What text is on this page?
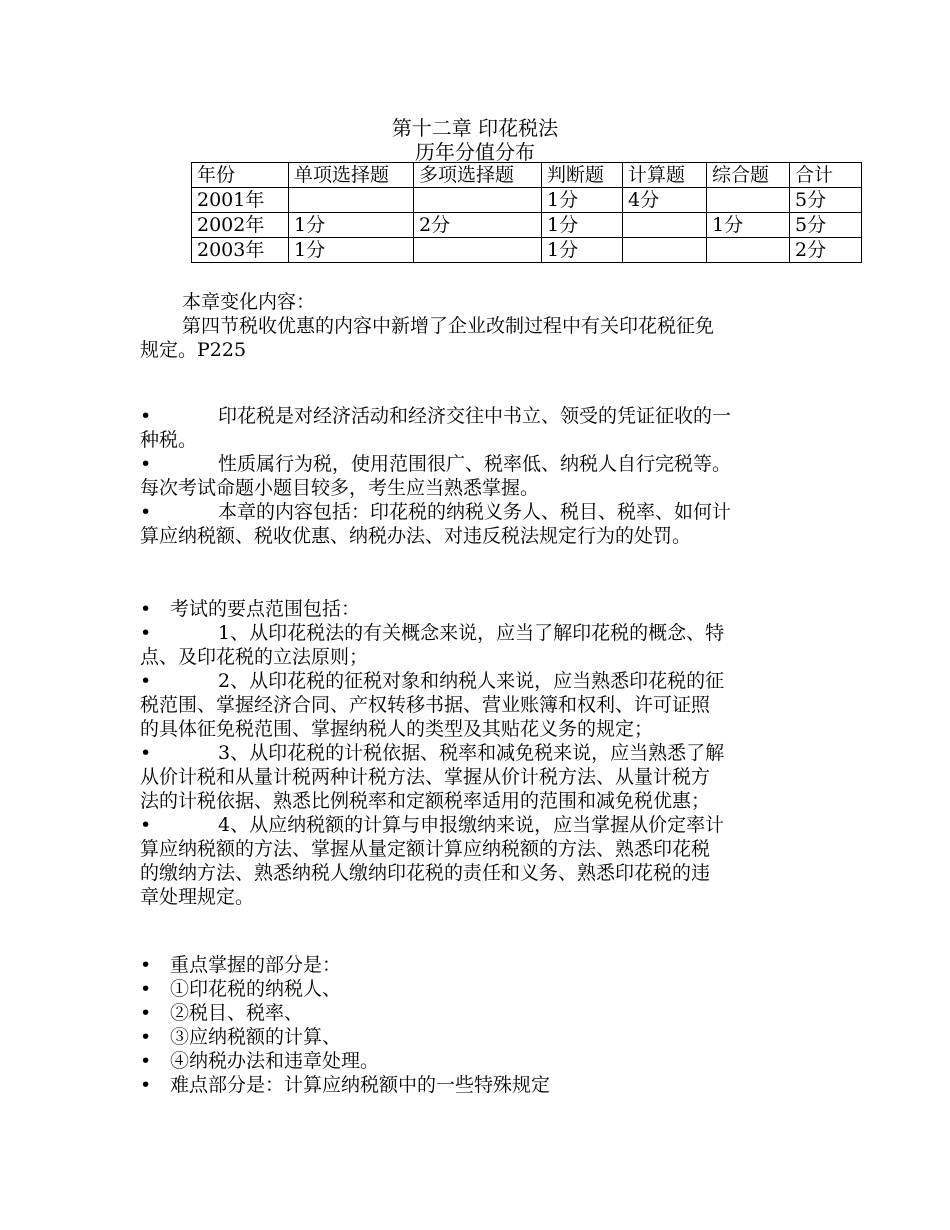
第十二章 印花税法
历年分值分布
年份	单项选择题	多项选择题	判断题	计算题	综合题	合计
2001年			1分	4分		5分
2002年	1分	2分	1分		1分	5分
2003年	1分		1分			2分

本章变化内容：

第四节税收优惠的内容中新增了企业改制过程中有关印花税征免

规定。P225

•	印花税是对经济活动和经济交往中书立、领受的凭证征收的一

种税。

•	性质属行为税，使用范围很广、税率低、纳税人自行完税等。

每次考试命题小题目较多，考生应当熟悉掌握。

•	本章的内容包括：印花税的纳税义务人、税目、税率、如何计

算应纳税额、税收优惠、纳税办法、对违反税法规定行为的处罚。

• 考试的要点范围包括：

•	1、从印花税法的有关概念来说，应当了解印花税的概念、特

点、及印花税的立法原则；

•	2、从印花税的征税对象和纳税人来说，应当熟悉印花税的征

税范围、掌握经济合同、产权转移书据、营业账簿和权利、许可证照

的具体征免税范围、掌握纳税人的类型及其贴花义务的规定；

•	3、从印花税的计税依据、税率和减免税来说，应当熟悉了解

从价计税和从量计税两种计税方法、掌握从价计税方法、从量计税方

法的计税依据、熟悉比例税率和定额税率适用的范围和减免税优惠；

•	4、从应纳税额的计算与申报缴纳来说，应当掌握从价定率计

算应纳税额的方法、掌握从量定额计算应纳税额的方法、熟悉印花税

的缴纳方法、熟悉纳税人缴纳印花税的责任和义务、熟悉印花税的违

章处理规定。

• 重点掌握的部分是：

• ①印花税的纳税人、

• ②税目、税率、

• ③应纳税额的计算、

• ④纳税办法和违章处理。

• 难点部分是：计算应纳税额中的一些特殊规定
